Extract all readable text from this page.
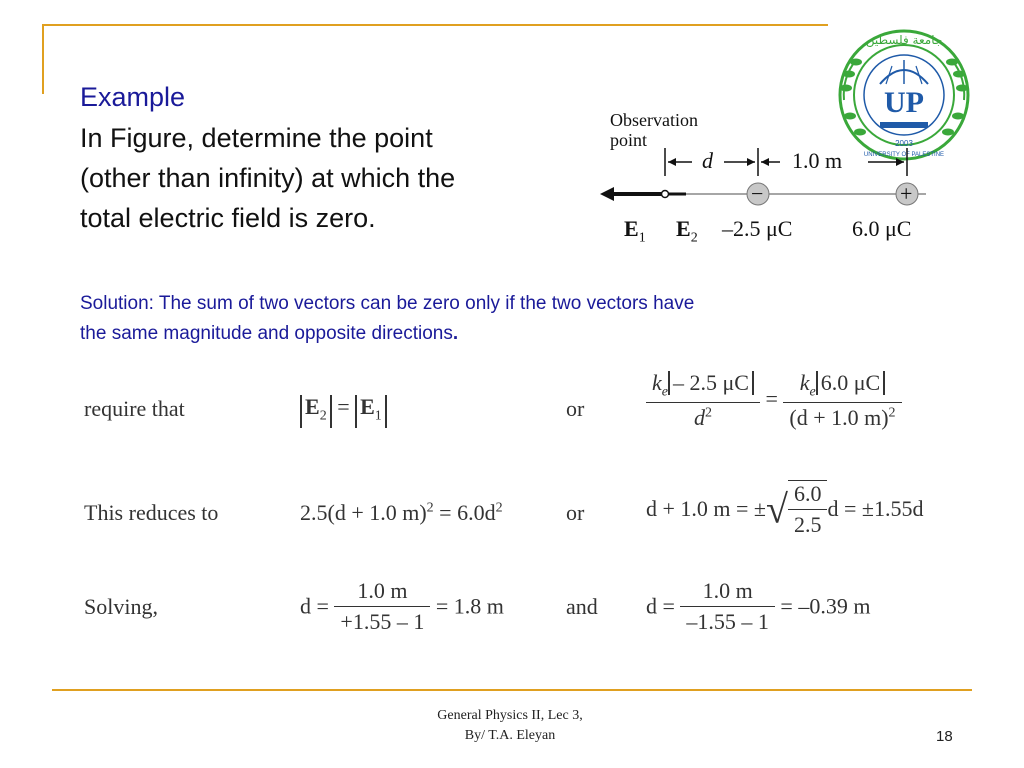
2003
جامعة فلسطين
UNIVERSITY OF PALESTINE
UP
Example
In Figure, determine the point
(other than infinity) at which the
total electric field is zero.
Observation
point
d	1.0 m
−	+
$E_1$ $E_2$ –2.5 μC	6.0 μC
Solution: The sum of two vectors can be zero only if the two vectors have
the same magnitude and opposite directions.
require that	$E_2 = E_1$	or	$\frac{k_e - 2.5 \mu C}{d^2} = \frac{k_e 6.0 \mu C}{(d + 1.0 m)^2}$
This reduces to	2.5(d + 1.0 $m)^2 = 6.0d^2$	or	d + 1.0 m = ±√ $\frac{6.0}{2.5}$ d = ±1.55d
Solving,	$d = \frac{1.0 m}{+1.55 - 1} = 1.8$ m	and $d = \frac{1.0 m}{-1.55 - 1} = -0.39$ m
General Physics II, Lec 3,
By/ T.A. Eleyan	18
